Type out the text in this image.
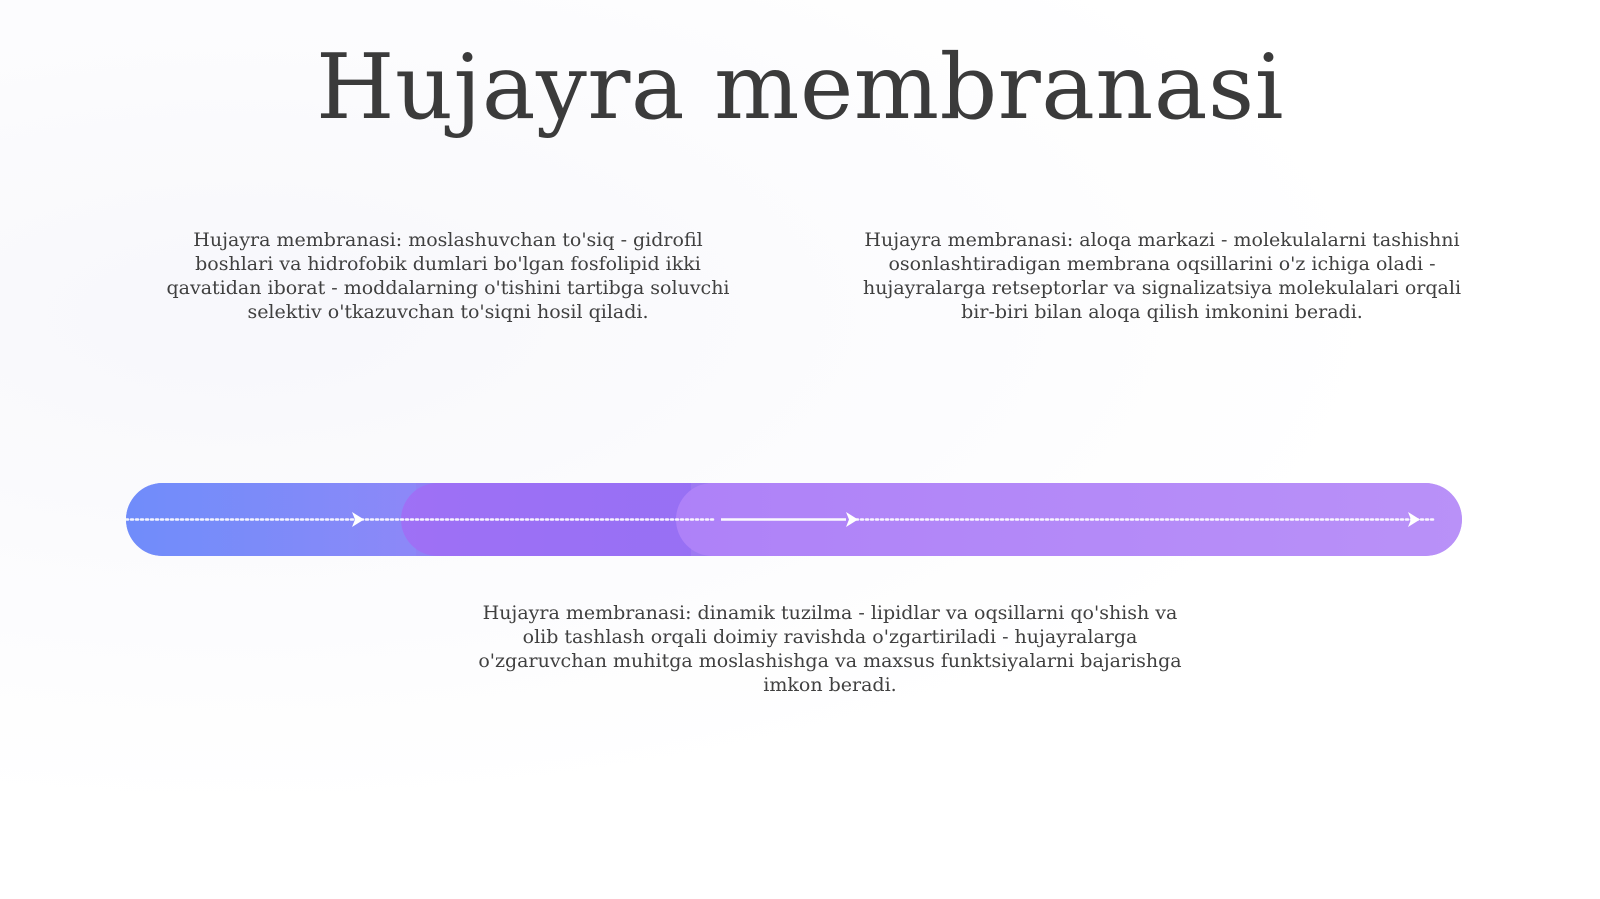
Hujayra membranasi

Hujayra membranasi: moslashuvchan to'siq - gidrofil boshlari va hidrofobik dumlari bo'lgan fosfolipid ikki qavatidan iborat - moddalarning o'tishini tartibga soluvchi selektiv o'tkazuvchan to'siqni hosil qiladi.

Hujayra membranasi: aloqa markazi - molekulalarni tashishni osonlashtiradigan membrana oqsillarini o'z ichiga oladi - hujayralarga retseptorlar va signalizatsiya molekulalari orqali bir-biri bilan aloqa qilish imkonini beradi.

Hujayra membranasi: dinamik tuzilma - lipidlar va oqsillarni qo'shish va olib tashlash orqali doimiy ravishda o'zgartiriladi - hujayralarga o'zgaruvchan muhitga moslashishga va maxsus funktsiyalarni bajarishga imkon beradi.
